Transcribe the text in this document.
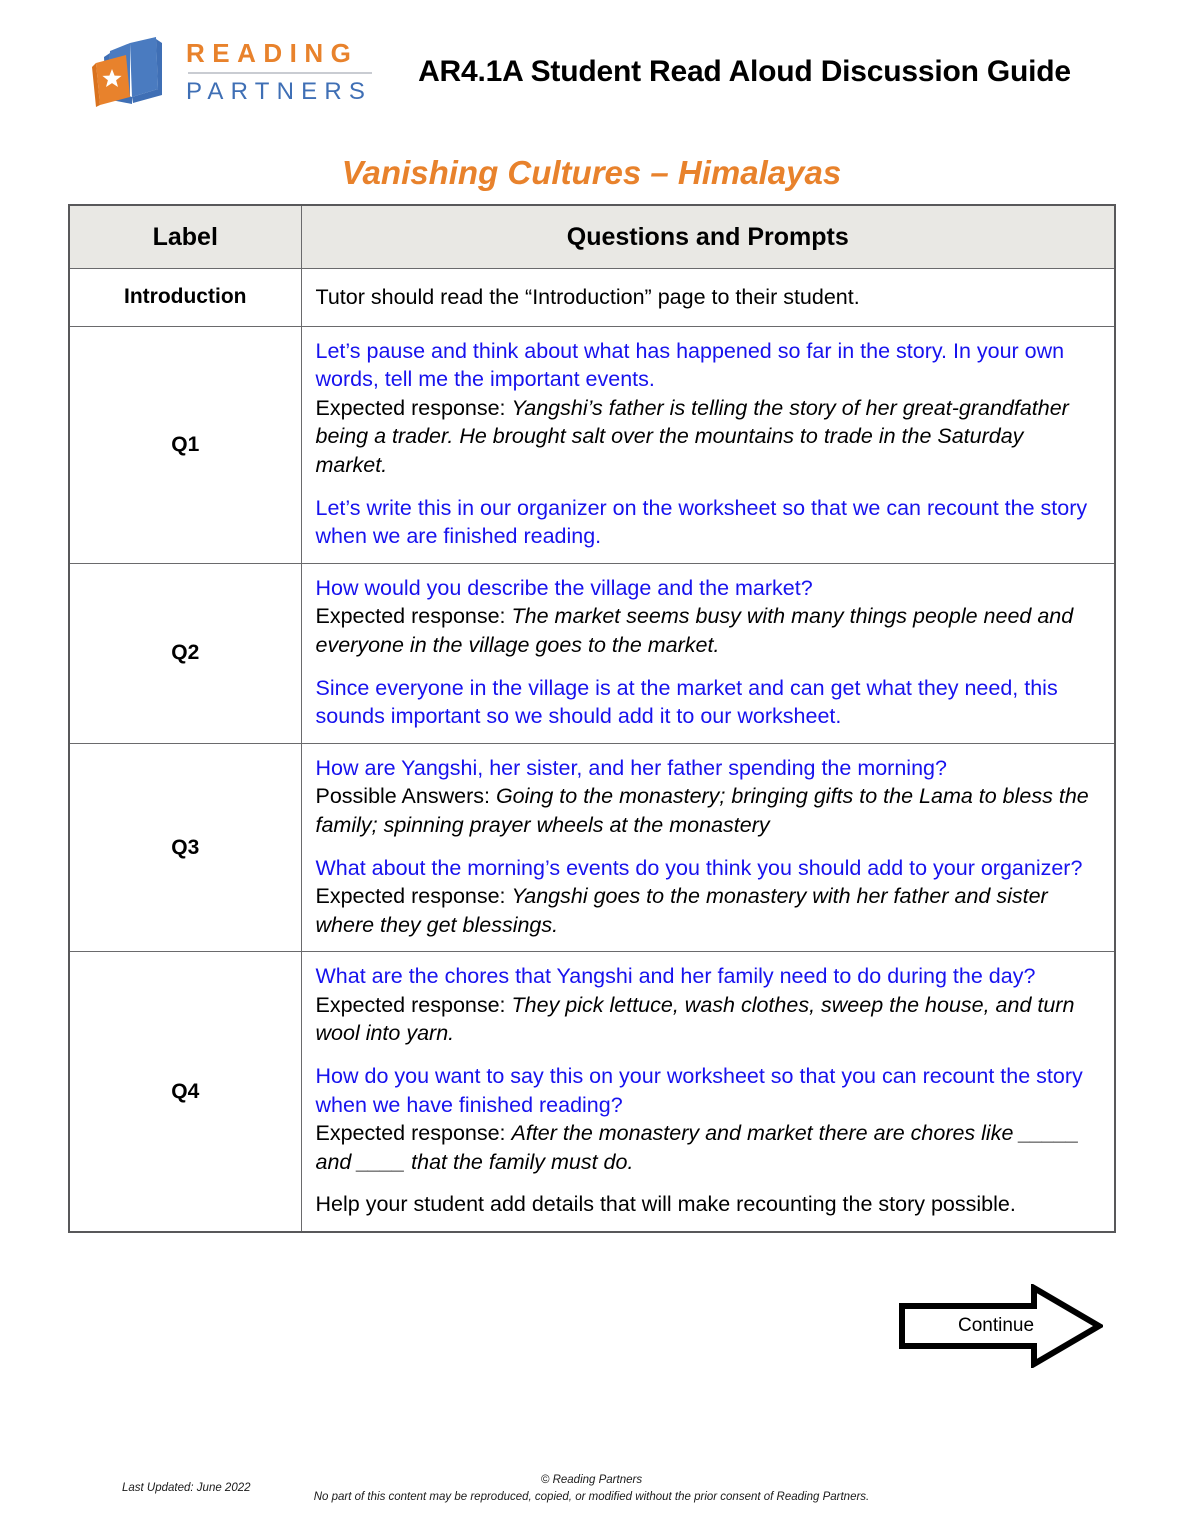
READING
PARTNERS
AR4.1A Student Read Aloud Discussion Guide
Vanishing Cultures – Himalayas
Label	Questions and Prompts
Introduction	Tutor should read the “Introduction” page to their student.

Q1	Let’s pause and think about what has happened so far in the story. In your own words, tell me the important events.
Expected response: Yangshi’s father is telling the story of her great-grandfather being a trader. He brought salt over the mountains to trade in the Saturday market.

Let’s write this in our organizer on the worksheet so that we can recount the story when we are finished reading.

Q2	How would you describe the village and the market?
Expected response: The market seems busy with many things people need and everyone in the village goes to the market.

Since everyone in the village is at the market and can get what they need, this sounds important so we should add it to our worksheet.

Q3	How are Yangshi, her sister, and her father spending the morning?
Possible Answers: Going to the monastery; bringing gifts to the Lama to bless the family; spinning prayer wheels at the monastery

What about the morning’s events do you think you should add to your organizer?
Expected response: Yangshi goes to the monastery with her father and sister where they get blessings.

Q4	What are the chores that Yangshi and her family need to do during the day?
Expected response: They pick lettuce, wash clothes, sweep the house, and turn wool into yarn.

How do you want to say this on your worksheet so that you can recount the story when we have finished reading?
Expected response: After the monastery and market there are chores like _____ and ____ that the family must do.

Help your student add details that will make recounting the story possible.

Continue
Last Updated: June 2022
© Reading Partners
No part of this content may be reproduced, copied, or modified without the prior consent of Reading Partners.
